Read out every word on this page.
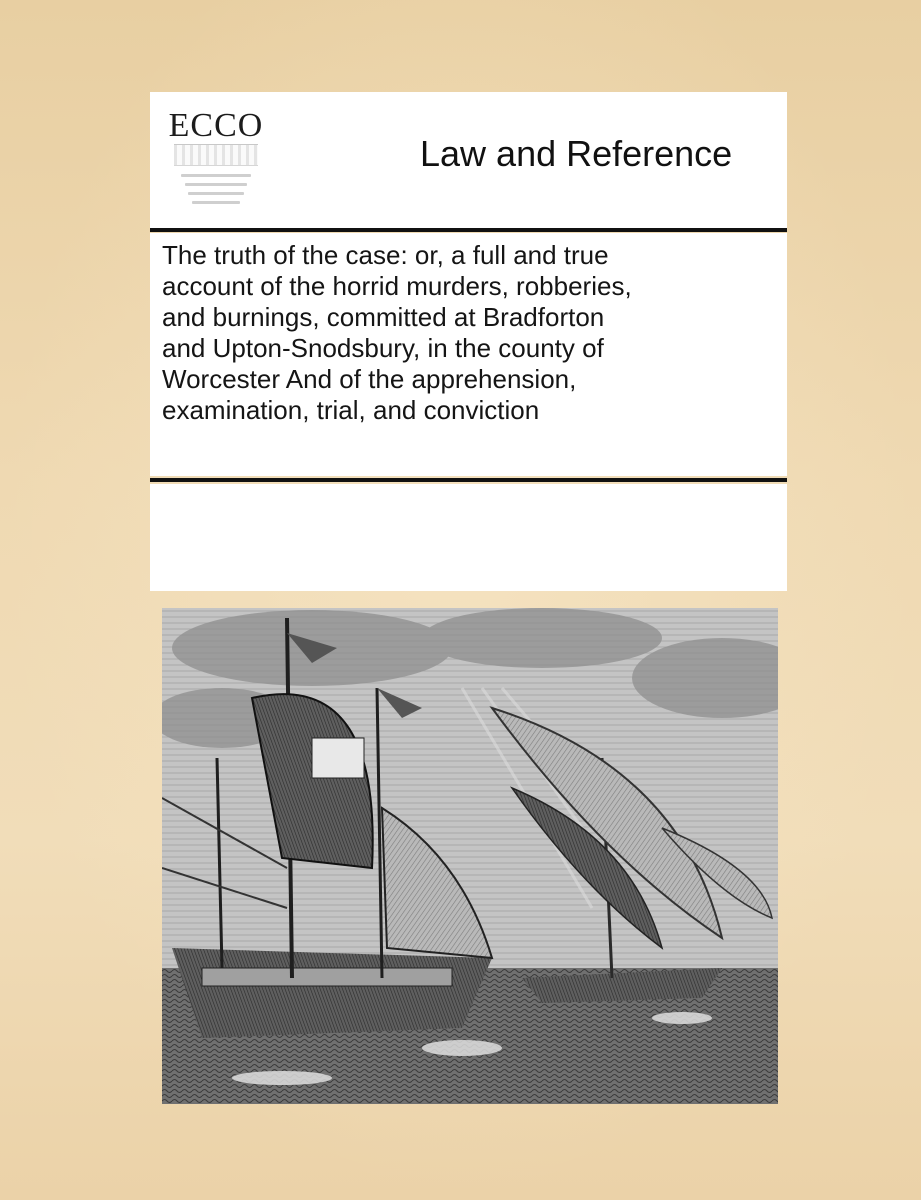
ECCO
Law and Reference
The truth of the case: or, a full and true
account of the horrid murders, robberies,
and burnings, committed at Bradforton
and Upton-Snodsbury, in the county of
Worcester And of the apprehension,
examination, trial, and conviction
